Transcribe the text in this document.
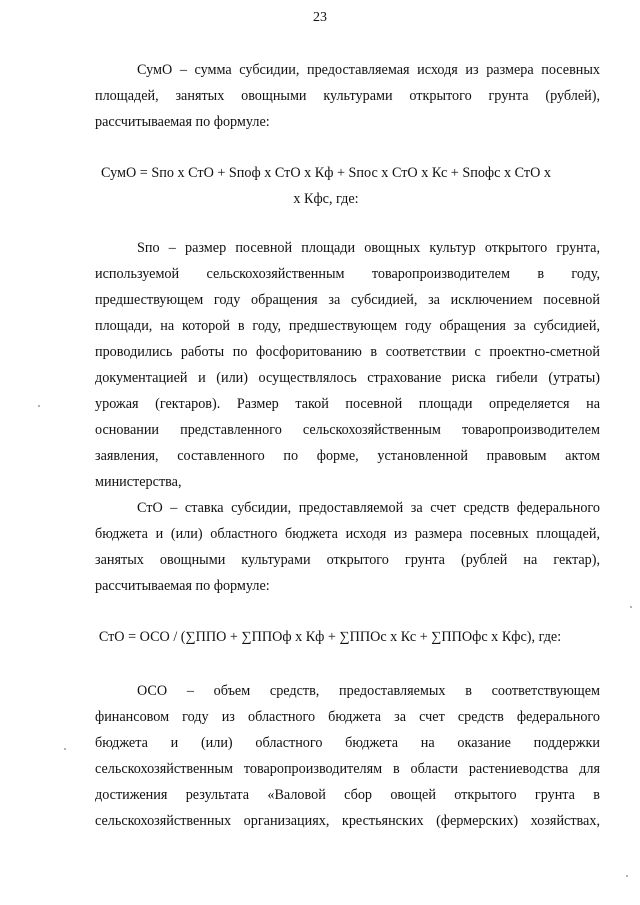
23
СумО – сумма субсидии, предоставляемая исходя из размера посевных
площадей, занятых овощными культурами открытого грунта (рублей),
рассчитываемая по формуле:
СумО = Sпо х СтО + Sпоф х СтО х Кф + Sпос х СтО х Кс + Sпофс х СтО х
х Кфс, где:
Sпо – размер посевной площади овощных культур открытого грунта,
используемой сельскохозяйственным товаропроизводителем в году,
предшествующем году обращения за субсидией, за исключением посевной
площади, на которой в году, предшествующем году обращения за субсидией,
проводились работы по фосфоритованию в соответствии с проектно-сметной
документацией и (или) осуществлялось страхование риска гибели (утраты)
урожая (гектаров). Размер такой посевной площади определяется на
основании представленного сельскохозяйственным товаропроизводителем
заявления, составленного по форме, установленной правовым актом
министерства,
СтО – ставка субсидии, предоставляемой за счет средств федерального
бюджета и (или) областного бюджета исходя из размера посевных площадей,
занятых овощными культурами открытого грунта (рублей на гектар),
рассчитываемая по формуле:
СтО = ОСО / (∑ППО + ∑ППОф х Кф + ∑ППОс х Кс + ∑ППОфс х Кфс), где:
ОСО – объем средств, предоставляемых в соответствующем
финансовом году из областного бюджета за счет средств федерального
бюджета и (или) областного бюджета на оказание поддержки
сельскохозяйственным товаропроизводителям в области растениеводства для
достижения результата «Валовой сбор овощей открытого грунта в
сельскохозяйственных организациях, крестьянских (фермерских) хозяйствах,
